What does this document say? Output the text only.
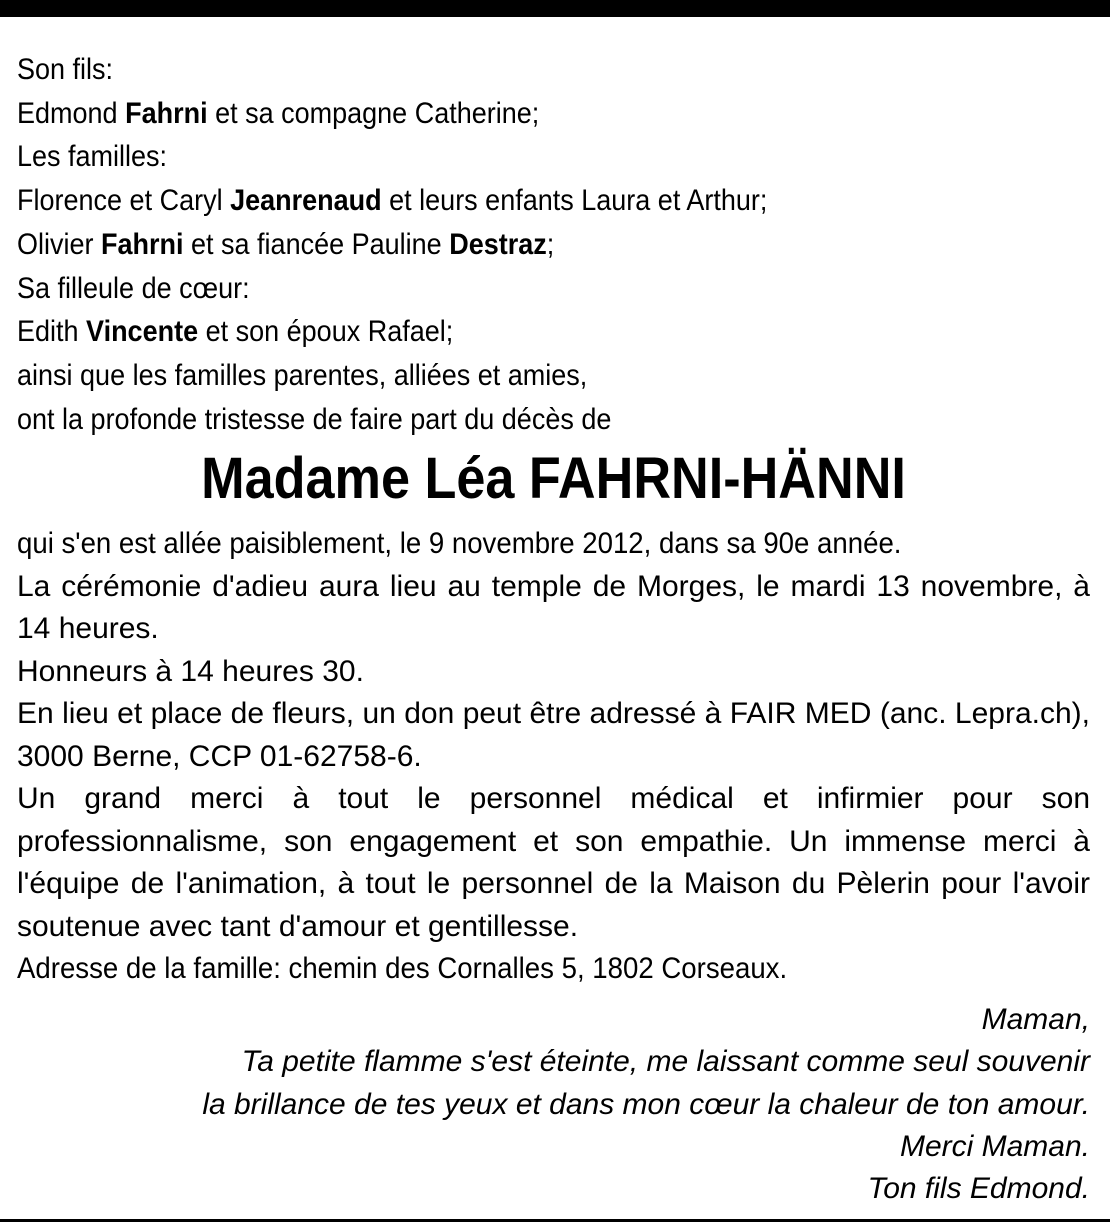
Son fils:
Edmond Fahrni et sa compagne Catherine;
Les familles:
Florence et Caryl Jeanrenaud et leurs enfants Laura et Arthur;
Olivier Fahrni et sa fiancée Pauline Destraz;
Sa filleule de cœur:
Edith Vincente et son époux Rafael;
ainsi que les familles parentes, alliées et amies,
ont la profonde tristesse de faire part du décès de
Madame Léa FAHRNI-HÄNNI
qui s'en est allée paisiblement, le 9 novembre 2012, dans sa 90e année.
La cérémonie d'adieu aura lieu au temple de Morges, le mardi 13 novembre, à 14 heures.
Honneurs à 14 heures 30.
En lieu et place de fleurs, un don peut être adressé à FAIR MED (anc. Lepra.ch), 3000 Berne, CCP 01-62758-6.
Un grand merci à tout le personnel médical et infirmier pour son professionnalisme, son engagement et son empathie. Un immense merci à l'équipe de l'animation, à tout le personnel de la Maison du Pèlerin pour l'avoir soutenue avec tant d'amour et gentillesse.
Adresse de la famille: chemin des Cornalles 5, 1802 Corseaux.
Maman,
Ta petite flamme s'est éteinte, me laissant comme seul souvenir
la brillance de tes yeux et dans mon cœur la chaleur de ton amour.
Merci Maman.
Ton fils Edmond.
